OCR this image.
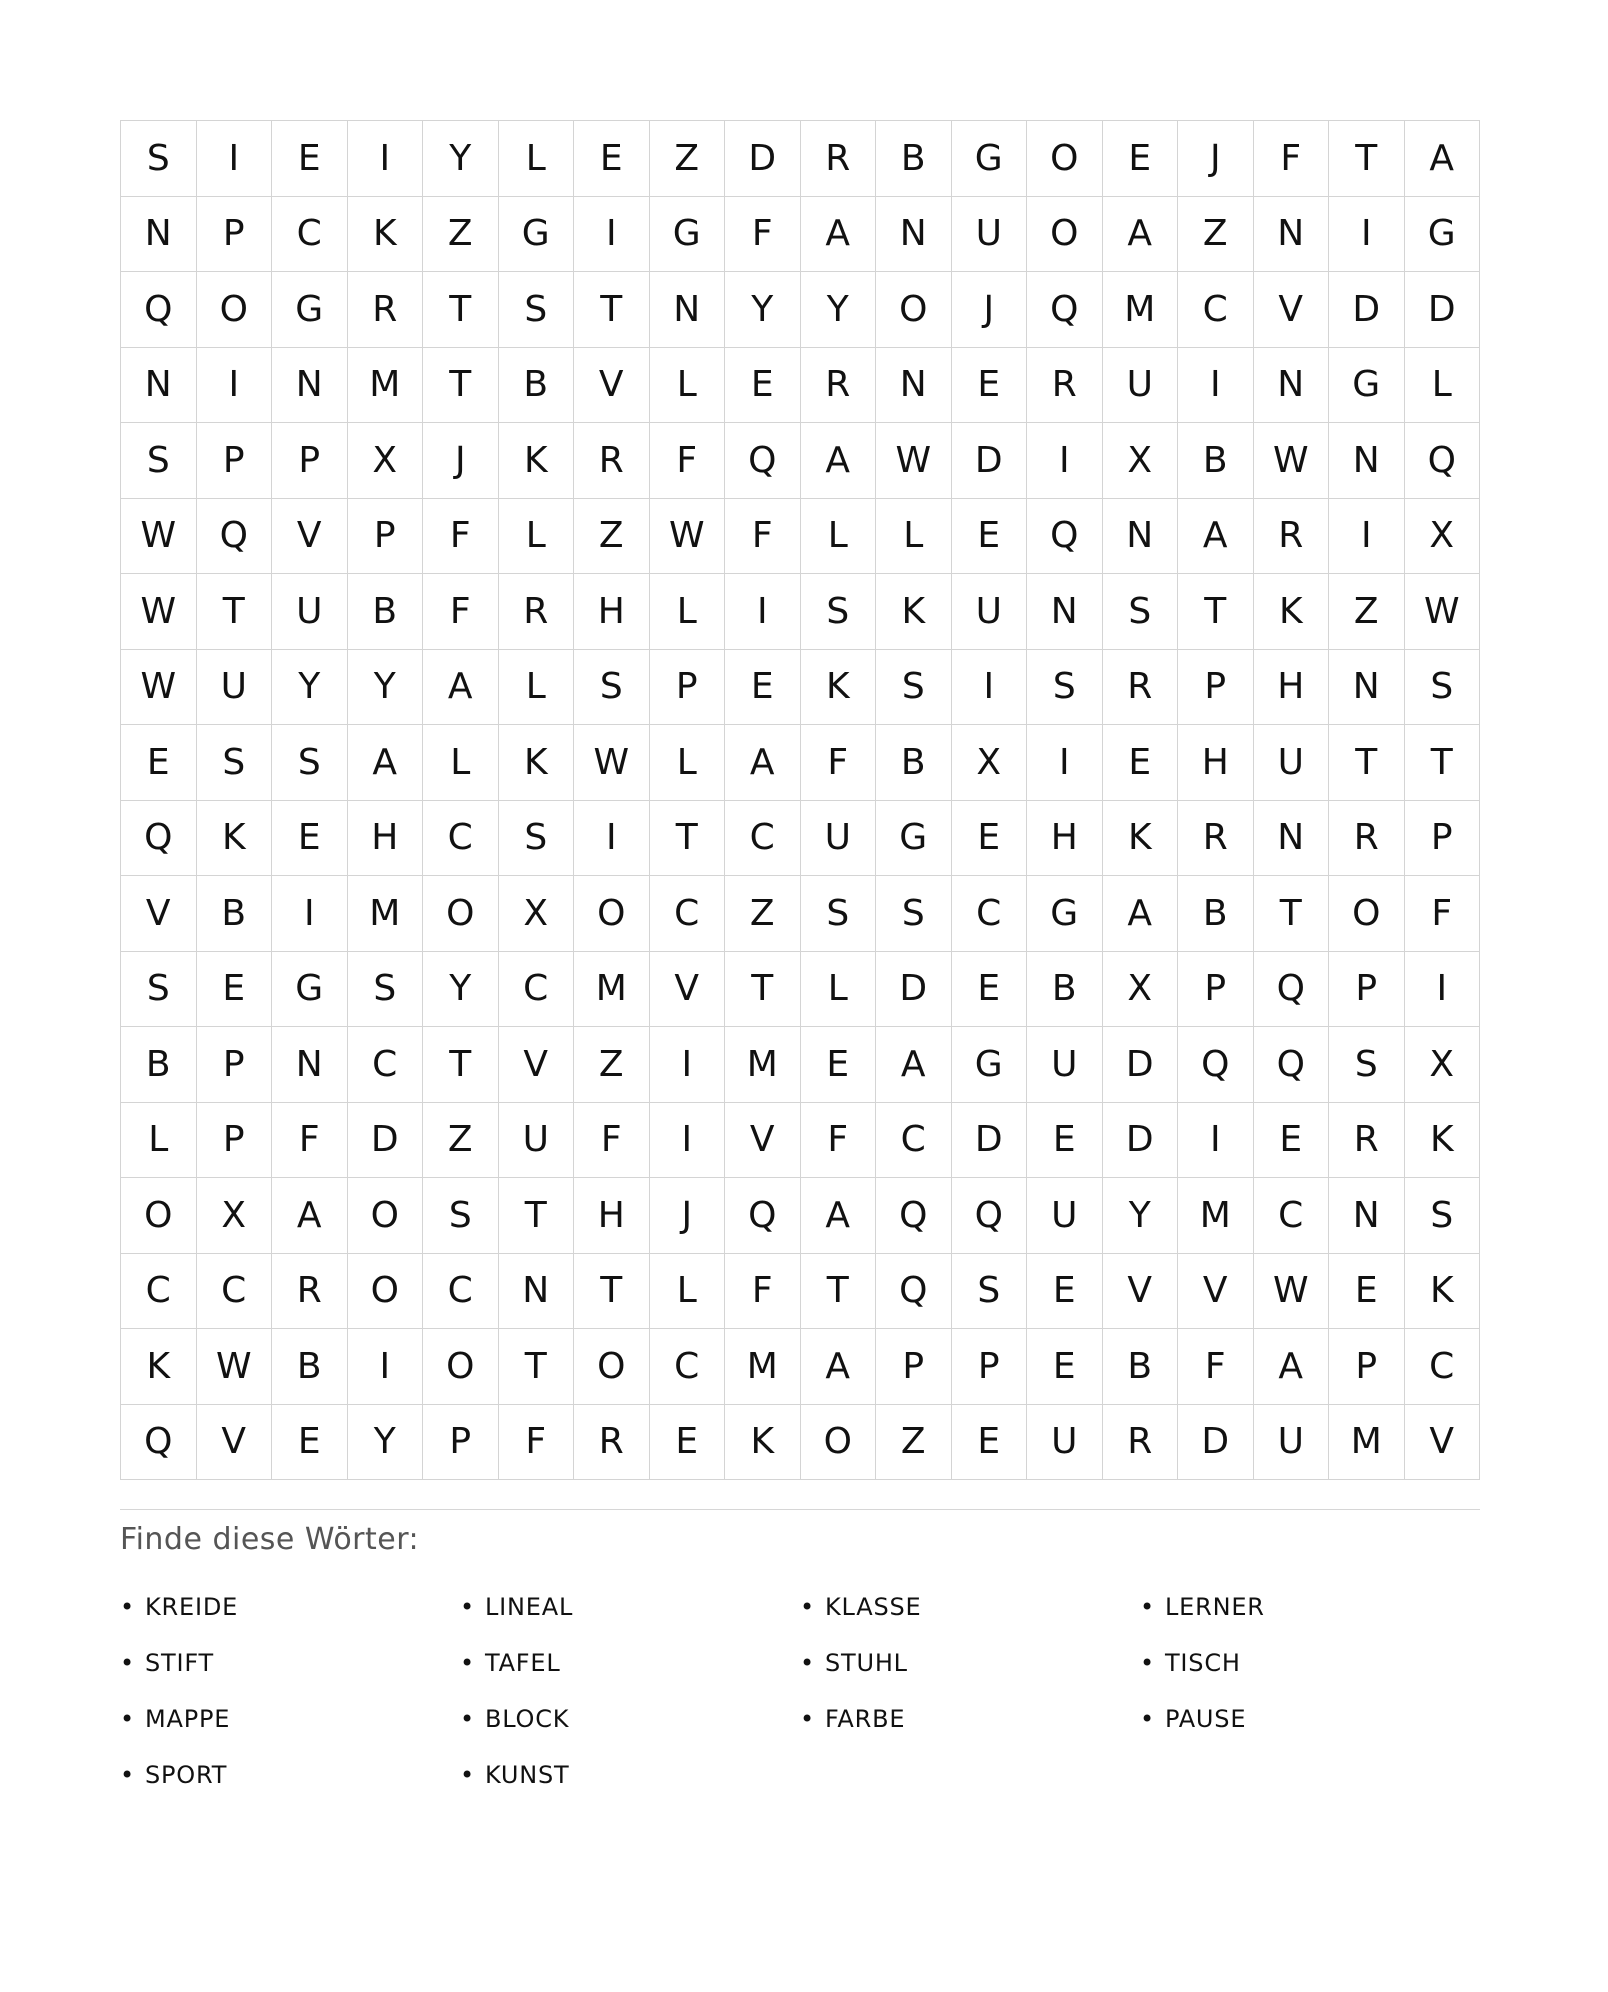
S	I	E	I	Y	L	E	Z	D	R	B	G	O	E	J	F	T	A
N	P	C	K	Z	G	I	G	F	A	N	U	O	A	Z	N	I	G
Q	O	G	R	T	S	T	N	Y	Y	O	J	Q	M	C	V	D	D
N	I	N	M	T	B	V	L	E	R	N	E	R	U	I	N	G	L
S	P	P	X	J	K	R	F	Q	A	W	D	I	X	B	W	N	Q
W	Q	V	P	F	L	Z	W	F	L	L	E	Q	N	A	R	I	X
W	T	U	B	F	R	H	L	I	S	K	U	N	S	T	K	Z	W
W	U	Y	Y	A	L	S	P	E	K	S	I	S	R	P	H	N	S
E	S	S	A	L	K	W	L	A	F	B	X	I	E	H	U	T	T
Q	K	E	H	C	S	I	T	C	U	G	E	H	K	R	N	R	P
V	B	I	M	O	X	O	C	Z	S	S	C	G	A	B	T	O	F
S	E	G	S	Y	C	M	V	T	L	D	E	B	X	P	Q	P	I
B	P	N	C	T	V	Z	I	M	E	A	G	U	D	Q	Q	S	X
L	P	F	D	Z	U	F	I	V	F	C	D	E	D	I	E	R	K
O	X	A	O	S	T	H	J	Q	A	Q	Q	U	Y	M	C	N	S
C	C	R	O	C	N	T	L	F	T	Q	S	E	V	V	W	E	K
K	W	B	I	O	T	O	C	M	A	P	P	E	B	F	A	P	C
Q	V	E	Y	P	F	R	E	K	O	Z	E	U	R	D	U	M	V
Finde diese Wörter:
• KREIDE	• LINEAL	• KLASSE	• LERNER
• STIFT	• TAFEL	• STUHL	• TISCH
• MAPPE	• BLOCK	• FARBE	• PAUSE
• SPORT	• KUNST
